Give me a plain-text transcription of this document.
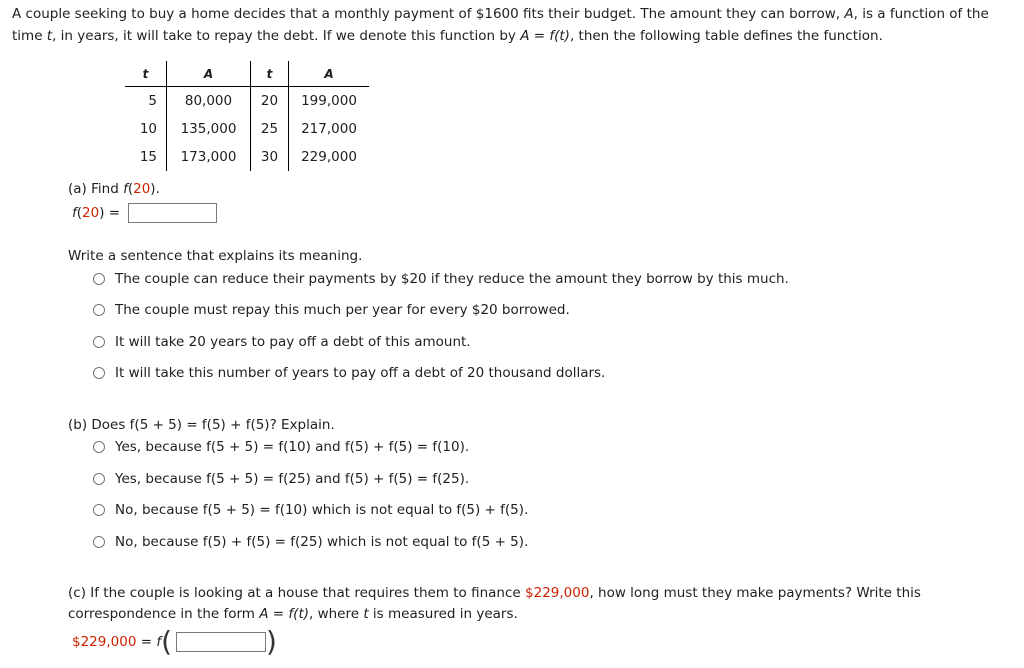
A couple seeking to buy a home decides that a monthly payment of $1600 fits their budget. The amount they can borrow, A, is a function of the time t, in years, it will take to repay the debt. If we denote this function by A = f(t), then the following table defines the function.
t	A	t	A
5	80,000	20	199,000
10	135,000	25	217,000
15	173,000	30	229,000
(a) Find f(20).
f(20) =
Write a sentence that explains its meaning.
The couple can reduce their payments by $20 if they reduce the amount they borrow by this much.
The couple must repay this much per year for every $20 borrowed.
It will take 20 years to pay off a debt of this amount.
It will take this number of years to pay off a debt of 20 thousand dollars.
(b) Does f(5 + 5) = f(5) + f(5)? Explain.
Yes, because f(5 + 5) = f(10) and f(5) + f(5) = f(10).
Yes, because f(5 + 5) = f(25) and f(5) + f(5) = f(25).
No, because f(5 + 5) = f(10) which is not equal to f(5) + f(5).
No, because f(5) + f(5) = f(25) which is not equal to f(5 + 5).
(c) If the couple is looking at a house that requires them to finance $229,000, how long must they make payments? Write this
correspondence in the form A = f(t), where t is measured in years.
$229,000 = f(	)
